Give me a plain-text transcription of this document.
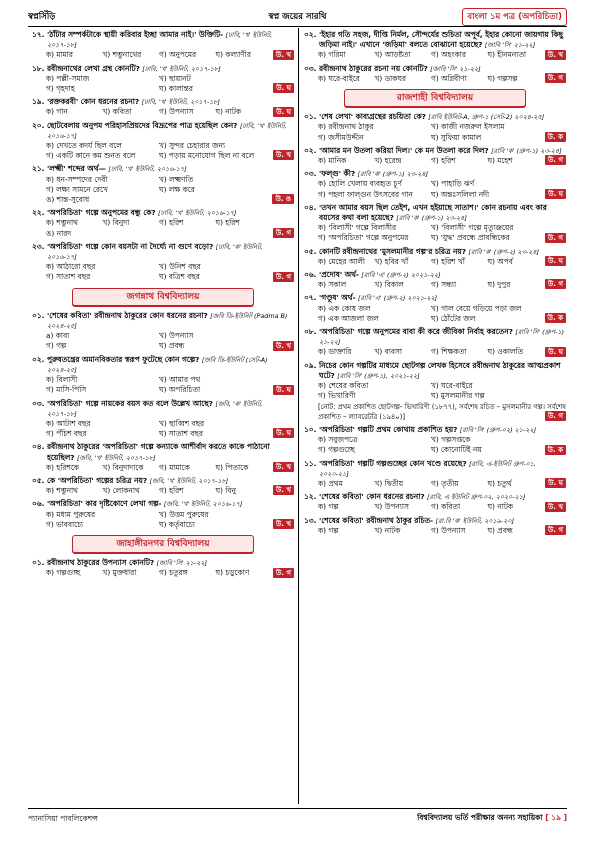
স্বপ্নসিঁড়ি	স্বপ্ন জয়ের সারথি	বাংলা ১ম পত্র (অপরিচিতা)
১৭. 'ঠাঁটার সম্পর্কটাকে স্থায়ী করিবার ইচ্ছা আমার নাই।' উক্তিটি- [ঢাবি, 'খ' ইউনিট, ২০১৭-১৮]
ক) মামার	খ) শম্ভুনাথের	গ) অনুপমের	ঘ) কল্যাণীর	উ. খ
১৮. রবীন্দ্রনাথের লেখা গ্রন্থ কোনটি? [ঢাবি, 'খ' ইউনিট, ২০১৭-১৮]
ক) পল্লী-সমাজ	খ) ছায়ানট
গ) গৃহদাহ	ঘ) কালান্তর	উ. ঘ
১৯. 'রক্তকরবী' কোন ধরনের রচনা? [ঢাবি, 'খ' ইউনিট, ২০১৭-১৮]
ক) গান	খ) কবিতা	গ) উপন্যাস	ঘ) নাটক	উ. ঘ
২০. ছোটবেলায় অনুপম পরিহাসপ্রিয়দের বিদ্রূপের পাত্র হয়েছিল কেন? [ঢাবি, 'খ' ইউনিট, ২০১৬-১৭]
ক) দেখতে কদর্য ছিল বলে	খ) সুন্দর চেহারার জন্য
গ) একটি কানে কম শুনত বলে	ঘ) পড়ায় মনোযোগ ছিল না বলে	উ. খ
২১. 'লক্ষ্মী' শব্দের অর্থ— [ঢাবি, 'খ' ইউনিট, ২০১৬-১৭]
ক) ধন-সম্পদের দেবী	খ) লক্ষ্মণতি
গ) লক্ষ্য সামনে রেখে	ঘ) লক্ষ করে
ঙ) শান্ত-সুবোধ	উ. ঙ
২২. 'অপরিচিতা' গল্পে অনুপমের বন্ধু কে? [ঢাবি, 'খ' ইউনিট, ২০১৬-১৭]
ক) শম্ভুনাথ	খ) বিনুদা	গ) হরিশ	ঘ) হরিশ
ঙ) নারদ	উ. গ
২৩. 'অপরিচিতা' গল্পে কোন বয়সটা না দৈর্ঘ্যে না গুণে বড়ো? [ঢাবি, 'ক' ইউনিট, ২০১৬-১৭]
ক) আঠারো বছর	খ) উনিশ বছর
গ) সাতাশ বছর	ঘ) বত্রিশ বছর	উ. গ
জগন্নাথ বিশ্ববিদ্যালয়
০১. 'শেষের কবিতা' রবীন্দ্রনাথ ঠাকুরের কোন ধরনের রচনা? [জবি ডি-ইউনিট (Padma B) ২০২৪-২৫]
a) কাব্য	খ) উপন্যাস
গ) গল্প	ঘ) প্রবন্ধ	উ. খ
০২. পুরুষতন্ত্রের অমানবিকতার স্বরূপ ফুটেছে কোন গল্পে? [জবি ডি-ইউনিট (সেট-A) ২০২৪-২৫]
ক) বিলাসী	খ) আমার পথ
গ) মাসি-পিসি	ঘ) অপরিচিতা	উ. ঘ
০৩. 'অপরিচিতা' গল্পে নায়কের বয়স কত বলে উল্লেখ আছে? [জবি, 'ক' ইউনিট, ২০১৭-১৮]
ক) আটাশ বছর	খ) ছাব্বিশ বছর
গ) পঁচিশ বছর	ঘ) সাতাশ বছর	উ. ঘ
০৪. রবীন্দ্রনাথ ঠাকুরের 'অপরিচিতা' গল্পে কন্যাকে আশীর্বাদ করতে কাকে পাঠানো হয়েছিল? [জবি, 'খ' ইউনিট, ২০১৭-১৮]
ক) হরিশকে	খ) বিনুদাদাকে	গ) মামাকে	ঘ) পিতাকে	উ. খ
০৫. কে 'অপরিচিতা' গল্পের চরিত্র নয়? [জবি, 'খ' ইউনিট, ২০১৭-১৮]
ক) শম্ভুনাথ	খ) লোকনাথ	গ) হরিশ	ঘ) বিনু	উ. খ
০৬. 'অপরিচিতা' কার দৃষ্টিকোণে লেখা গল্প- [জবি, 'খ' ইউনিট, ২০১৬-১৭]
ক) মধ্যম পুরুষের	খ) উত্তম পুরুষের
গ) ভাববাচ্যে	ঘ) কর্তৃবাচ্যে	উ. খ
জাহাঙ্গীরনগর বিশ্ববিদ্যালয়
০১. রবীন্দ্রনাথ ঠাকুরের উপন্যাস কোনটি? [জাবি 'সি' ২১-২২]
ক) গল্পগুচ্ছ	খ) মুক্তধারা	গ) চতুরঙ্গ	ঘ) চড়ুকোণ	উ. গ
০২. 'ইহার গতি সহজ, দীপ্তি নির্মল, সৌন্দর্যের শুচিতা অপূর্ব, ইহার কোনো জায়গায় কিছু জড়িমা নাই।' এখানে 'জড়িমা' বলতে বোঝানো হয়েছে? [জাবি 'সি' ২১-২২]
ক) গরিমা	খ) আড়ষ্টতা	গ) অহংকার	ঘ) হীনমন্যতা	উ. খ
০৩. রবীন্দ্রনাথ ঠাকুরের রচনা নয় কোনটি? [জাবি 'সি' ২১-২২]
ক) ঘরে-বাইরে	খ) ডাকঘর	গ) অগ্নিবীণা	ঘ) গল্পসল্প	উ. গ
রাজশাহী বিশ্ববিদ্যালয়
০১. 'শেষ লেখা' কাব্যগ্রন্থের রচয়িতা কে? [রাবি ইউনিট-A, গ্রুপ-১ (সেট-2) ২০২৪-২৫]
ক) রবীন্দ্রনাথ ঠাকুর	খ) কাজী নজরুল ইসলাম
গ) জসীমউদ্দীন	ঘ) সুফিয়া কামাল	উ. ক
০২. 'আমার মন উতলা করিয়া দিল।' কে মন উতলা করে দিল? [রাবি 'ক' (গ্রুপ-১) ২৩-২৪]
ক) মানিক	খ) হরেন্দ্র	গ) হরিশ	ঘ) মহেশ	উ. গ
০৩. 'ফল্গু' কী? [রাবি 'ক' (গ্রুপ-১) ২৩-২৪]
ক) হোলি খেলায় ব্যবহৃত চূর্ণ	খ) পাহাড়ি ঝর্ণ
গ) পহলা ফাল্গুন উৎসবের গান	ঘ) অন্তঃসলিলা নদী	উ. ঘ
০৪. 'তখন আমার বয়স ছিল তেইশ, এখন হইয়াছে সাতাশ।' কোন রচনায় এবং কার বয়সের কথা বলা হয়েছে? [রাবি 'ক' (গ্রুপ-১) ২৩-২৪]
ক) 'বিলাসী' গল্পে বিলাসীর	খ) 'বিলাসী' গল্পে মৃত্যুঞ্জয়ের
গ) 'অপরিচিতা' গল্পে অনুপমের	ঘ) 'যুদ্ধ' প্রবন্ধে প্রাবন্ধিকের	উ. গ
০৫. কোনটি রবীন্দ্রনাথের 'মুসলমানীর গল্প'র চরিত্র নয়? [রাবি 'ক' (গ্রুপ-২) ২৩-২৪]
ক) মেহের আলী	খ) হবির খাঁ	গ) হরিশ খাঁ	ঘ) অপর্ব	উ. ঘ
০৬. 'প্রদোষ' অর্থ- [রাবি 'এ' (গ্রুপ-২) ২০২১-২২]
ক) সকাল	খ) বিকাল	গ) সন্ধ্যা	ঘ) দুপুর	উ. গ
০৭. 'গণ্ডূষ' অর্থ- [রাবি 'এ' (গ্রুপ-২) ২০২১-২২]
ক) এক কোষ জল	খ) গাল বেয়ে গড়িয়ে পড়া জল
গ) এক আজলা জল	ঘ) ঠোঁটের জল	উ. ক
০৮. 'অপরিচিতা' গল্পে অনুপমের বাবা কী করে জীবিকা নির্বাহ করতেন? [রাবি 'সি' (গ্রুপ-১) ২১-২২]
ক) ডাক্তারি	খ) ব্যবসা	গ) শিক্ষকতা	ঘ) ওকালতি	উ. ঘ
০৯. নিচের কোন গল্পটির মাধ্যমে ছোটগল্প লেখক হিসেবে রবীন্দ্রনাথ ঠাকুরের আত্মপ্রকাশ ঘটে? [রাবি 'সি' (গ্রুপ-১), ২০২১-২২]
ক) শেষের কবিতা	খ) ঘরে-বাইরে
গ) ভিখারিণী	ঘ) মুসলমানীর গল্প
[নোট: প্রথম প্রকাশিত ছোটগল্প- ভিখারিণী (১৮৭৭), সর্বশেষ রচিত – মুসলমানীর গল্প। সর্বশেষ প্রকাশিত – ল্যাবরেটরি (১৯৪০)]	উ. গ
১০. 'অপরিচিতা' গল্পটি প্রথম কোথায় প্রকাশিত হয়? [রাবি 'সি' (গ্রুপ-০২) ২১-২২]
ক) সবুজপত্রে	খ) গল্পসপ্তকে
গ) গল্পগুচ্ছে	ঘ) কোনোটিই নয়	উ. ক
১১. 'অপরিচিতা' গল্পটি গল্পগুচ্ছের কোন খণ্ডে রয়েছে? [রাবি, এ-ইউনিট গ্রুপ-০১, ২০২০-২১]
ক) প্রথম	খ) দ্বিতীয়	গ) তৃতীয়	ঘ) চতুর্থ	উ. ঘ
১২. 'শেষের কবিতা' কোন ধরনের রচনা? [রাবি, এ ইউনিট গ্রুপ-০২, ২০২০-২১]
ক) গল্প	খ) উপন্যাস	গ) কবিতা	ঘ) নাটক	উ. খ
১৩. 'শেষের কবিতা' রবীন্দ্রনাথ ঠাকুর রচিত- [রা.বি 'ক' ইউনিট, ২০১৯-২০]
ক) গল্প	খ) নাটক	গ) উপন্যাস	ঘ) প্রবন্ধ	উ. গ
প্যানাসিয়া পাবলিকেশন্স	বিশ্ববিদ্যালয় ভর্তি পরীক্ষার অনন্য সহায়িকা [ ১৯ ]
